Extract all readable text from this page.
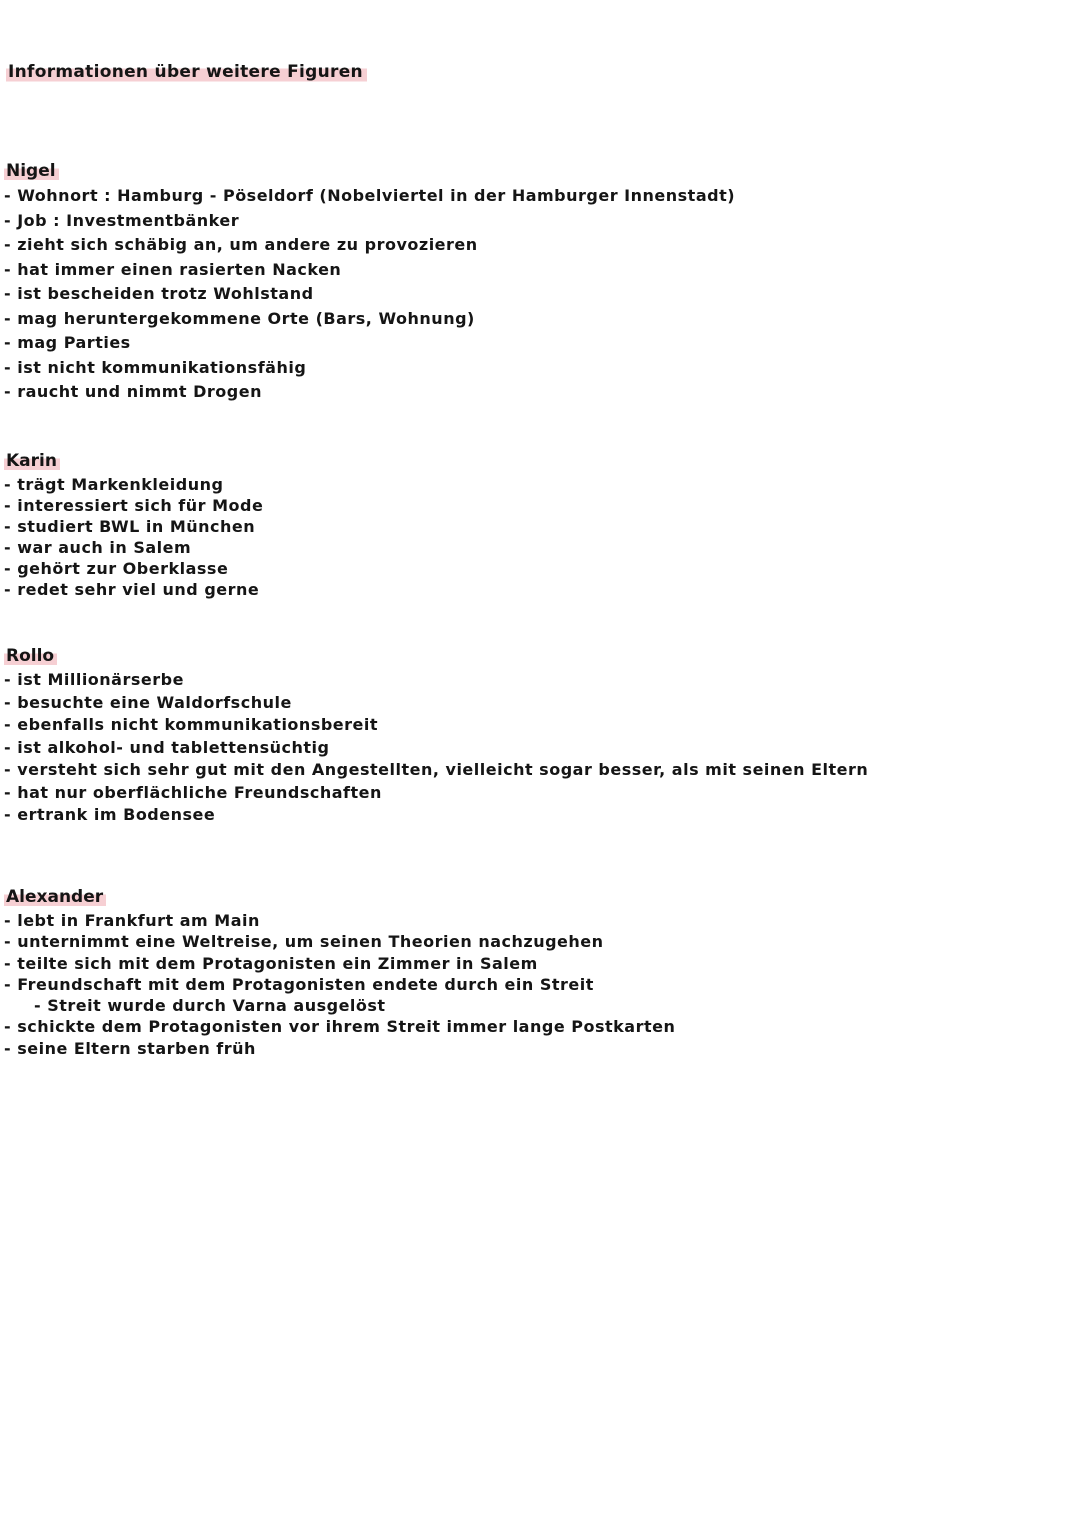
Informationen über weitere Figuren
Nigel
- Wohnort : Hamburg - Pöseldorf (Nobelviertel in der Hamburger Innenstadt)
- Job : Investmentbänker
- zieht sich schäbig an, um andere zu provozieren
- hat immer einen rasierten Nacken
- ist bescheiden trotz Wohlstand
- mag heruntergekommene Orte (Bars, Wohnung)
- mag Parties
- ist nicht kommunikationsfähig
- raucht und nimmt Drogen
Karin
- trägt Markenkleidung
- interessiert sich für Mode
- studiert BWL in München
- war auch in Salem
- gehört zur Oberklasse
- redet sehr viel und gerne
Rollo
- ist Millionärserbe
- besuchte eine Waldorfschule
- ebenfalls nicht kommunikationsbereit
- ist alkohol- und tablettensüchtig
- versteht sich sehr gut mit den Angestellten, vielleicht sogar besser, als mit seinen Eltern
- hat nur oberflächliche Freundschaften
- ertrank im Bodensee
Alexander
- lebt in Frankfurt am Main
- unternimmt eine Weltreise, um seinen Theorien nachzugehen
- teilte sich mit dem Protagonisten ein Zimmer in Salem
- Freundschaft mit dem Protagonisten endete durch ein Streit
- Streit wurde durch Varna ausgelöst
- schickte dem Protagonisten vor ihrem Streit immer lange Postkarten
- seine Eltern starben früh
